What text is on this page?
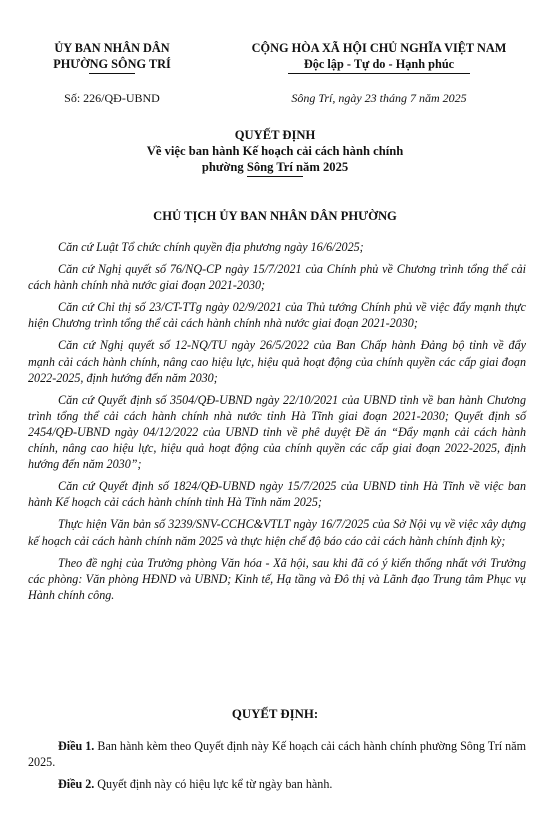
ỦY BAN NHÂN DÂN
PHƯỜNG SÔNG TRÍ
CỘNG HÒA XÃ HỘI CHỦ NGHĨA VIỆT NAM
Độc lập - Tự do - Hạnh phúc
Số: 226/QĐ-UBND	Sông Trí, ngày 23 tháng 7 năm 2025
QUYẾT ĐỊNH
Về việc ban hành Kế hoạch cải cách hành chính
phường Sông Trí năm 2025
CHỦ TỊCH ỦY BAN NHÂN DÂN PHƯỜNG

Căn cứ Luật Tổ chức chính quyền địa phương ngày 16/6/2025;

Căn cứ Nghị quyết số 76/NQ-CP ngày 15/7/2021 của Chính phủ về Chương trình tổng thể cải cách hành chính nhà nước giai đoạn 2021-2030;

Căn cứ Chỉ thị số 23/CT-TTg ngày 02/9/2021 của Thủ tướng Chính phủ về việc đẩy mạnh thực hiện Chương trình tổng thể cải cách hành chính nhà nước giai đoạn 2021-2030;

Căn cứ Nghị quyết số 12-NQ/TU ngày 26/5/2022 của Ban Chấp hành Đảng bộ tỉnh về đẩy mạnh cải cách hành chính, nâng cao hiệu lực, hiệu quả hoạt động của chính quyền các cấp giai đoạn 2022-2025, định hướng đến năm 2030;

Căn cứ Quyết định số 3504/QĐ-UBND ngày 22/10/2021 của UBND tỉnh về ban hành Chương trình tổng thể cải cách hành chính nhà nước tỉnh Hà Tĩnh giai đoạn 2021-2030; Quyết định số 2454/QĐ-UBND ngày 04/12/2022 của UBND tỉnh về phê duyệt Đề án “Đẩy mạnh cải cách hành chính, nâng cao hiệu lực, hiệu quả hoạt động của chính quyền các cấp giai đoạn 2022-2025, định hướng đến năm 2030”;

Căn cứ Quyết định số 1824/QĐ-UBND ngày 15/7/2025 của UBND tỉnh Hà Tĩnh về việc ban hành Kế hoạch cải cách hành chính tỉnh Hà Tĩnh năm 2025;

Thực hiện Văn bản số 3239/SNV-CCHC&VTLT ngày 16/7/2025 của Sở Nội vụ về việc xây dựng kế hoạch cải cách hành chính năm 2025 và thực hiện chế độ báo cáo cải cách hành chính định kỳ;

Theo đề nghị của Trưởng phòng Văn hóa - Xã hội, sau khi đã có ý kiến thống nhất với Trưởng các phòng: Văn phòng HĐND và UBND; Kinh tế, Hạ tầng và Đô thị và Lãnh đạo Trung tâm Phục vụ Hành chính công.

QUYẾT ĐỊNH:

Điều 1. Ban hành kèm theo Quyết định này Kế hoạch cải cách hành chính phường Sông Trí năm 2025.

Điều 2. Quyết định này có hiệu lực kể từ ngày ban hành.
